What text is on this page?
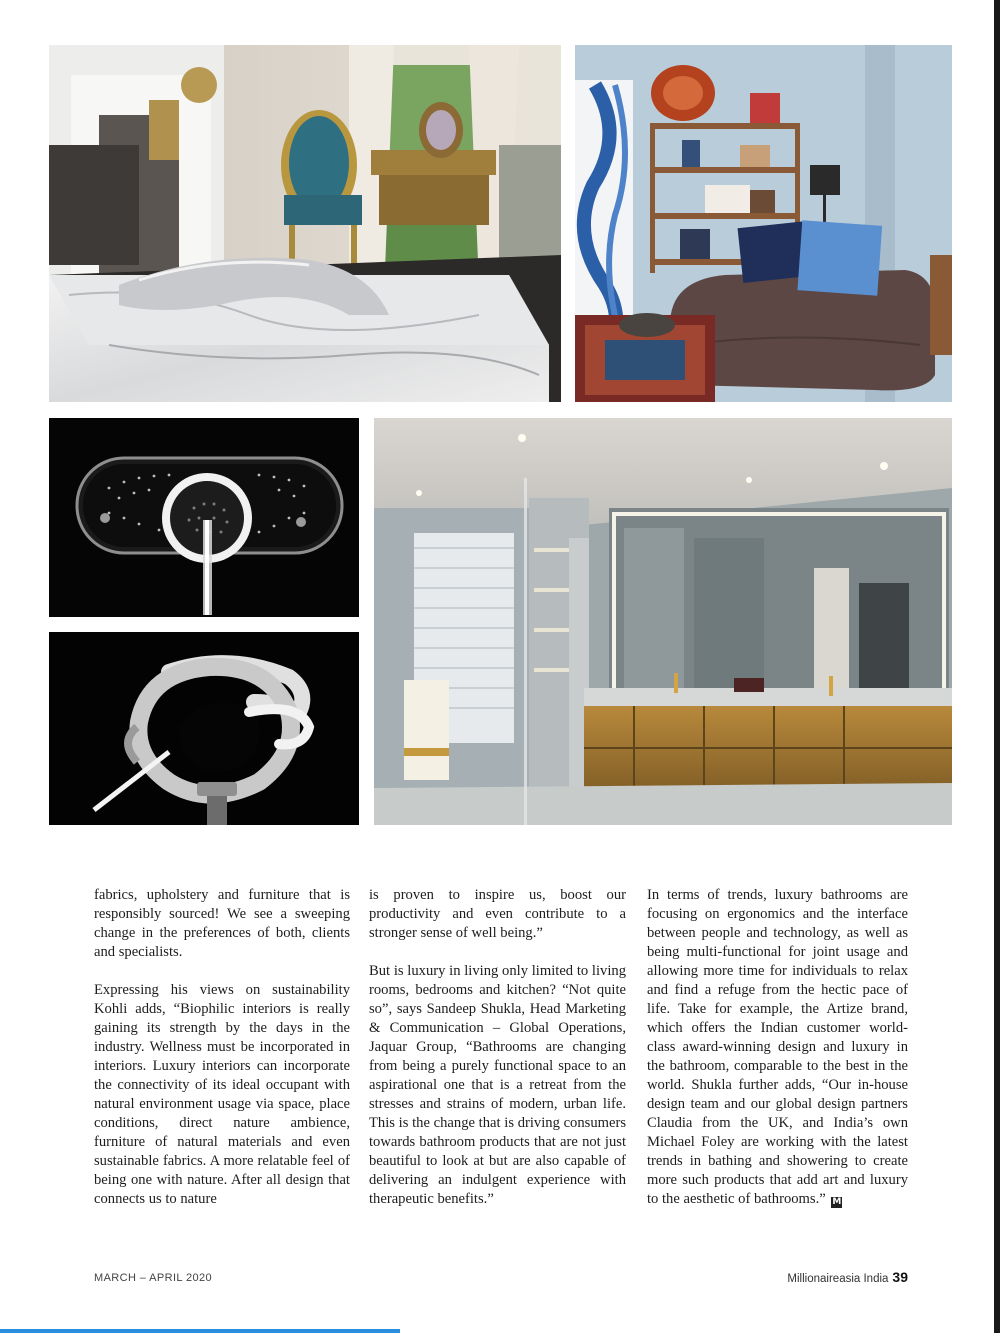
fabrics, upholstery and furniture that is responsibly sourced! We see a sweeping change in the preferences of both, clients and specialists.

Expressing his views on sustainability Kohli adds, “Biophilic interiors is really gaining its strength by the days in the industry. Wellness must be incorporated in interiors. Luxury interiors can incorporate the connectivity of its ideal occupant with natural environment usage via space, place conditions, direct nature ambience, furniture of natural materials and even sustainable fabrics. A more relatable feel of being one with nature. After all design that connects us to nature

is proven to inspire us, boost our productivity and even contribute to a stronger sense of well being.”

But is luxury in living only limited to living rooms, bedrooms and kitchen? “Not quite so”, says Sandeep Shukla, Head Marketing & Communication – Global Operations, Jaquar Group, “Bathrooms are changing from being a purely functional space to an aspirational one that is a retreat from the stresses and strains of modern, urban life. This is the change that is driving consumers towards bathroom products that are not just beautiful to look at but are also capable of delivering an indulgent experience with therapeutic benefits.”

In terms of trends, luxury bathrooms are focusing on ergonomics and the interface between people and technology, as well as being multi-functional for joint usage and allowing more time for individuals to relax and find a refuge from the hectic pace of life. Take for example, the Artize brand, which offers the Indian customer world-class award-winning design and luxury in the bathroom, comparable to the best in the world. Shukla further adds, “Our in-house design team and our global design partners Claudia from the UK, and India’s own Michael Foley are working with the latest trends in bathing and showering to create more such products that add art and luxury to the aesthetic of bathrooms.” M

MARCH – APRIL 2020	Millionaireasia India 39
